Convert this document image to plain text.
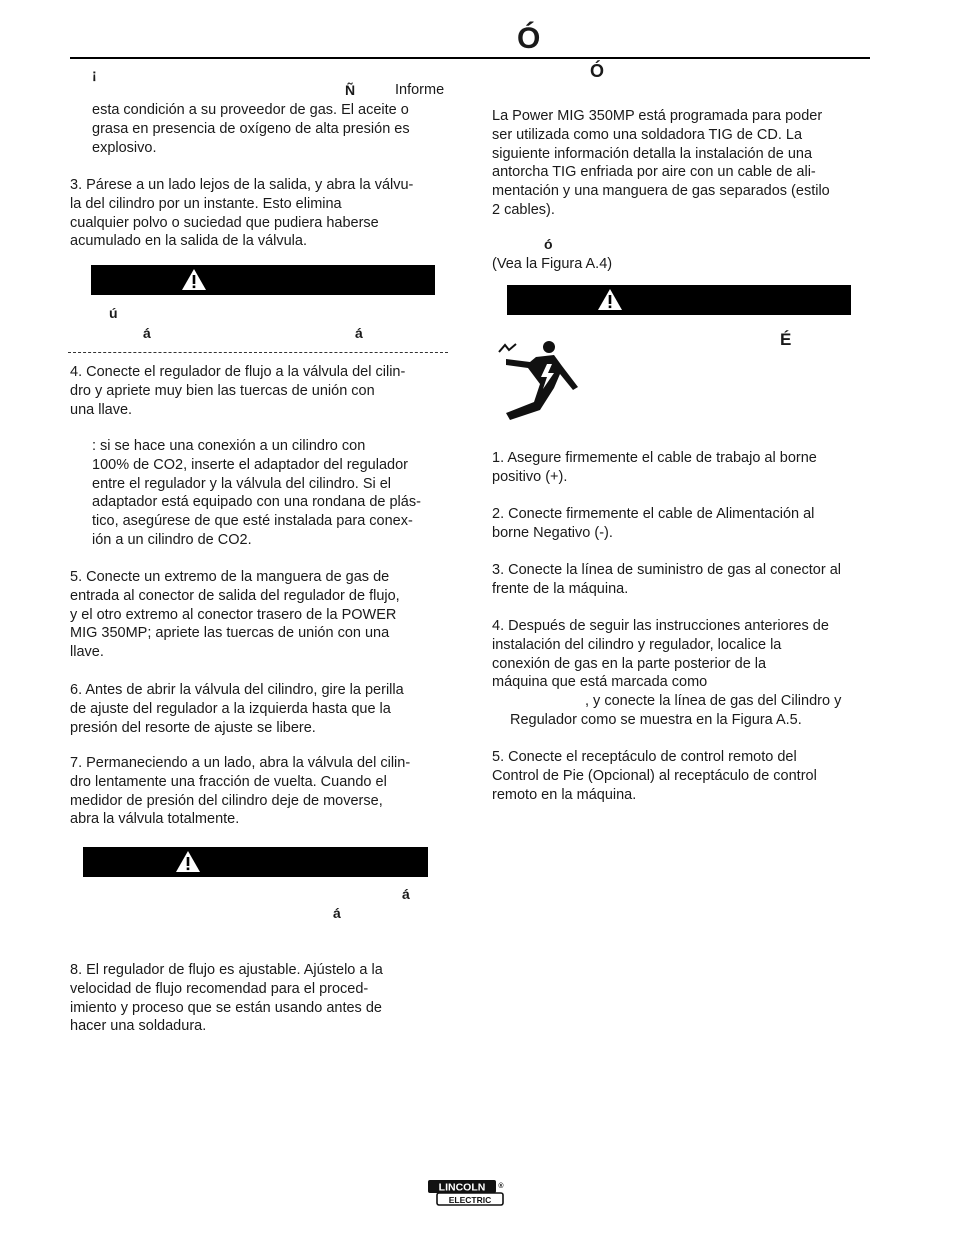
Ó
¡
Ñ	Informe
esta condición a su proveedor de gas. El aceite o
grasa en presencia de oxígeno de alta presión es
explosivo.
3. Párese a un lado lejos de la salida, y abra la válvu-
la del cilindro por un instante. Esto elimina
cualquier polvo o suciedad que pudiera haberse
acumulado en la salida de la válvula.
ú
á	á
4. Conecte el regulador de flujo a la válvula del cilin-
dro y apriete muy bien las tuercas de unión con
una llave.
: si se hace una conexión a un cilindro con
100% de CO2, inserte el adaptador del regulador
entre el regulador y la válvula del cilindro. Si el
adaptador está equipado con una rondana de plás-
tico, asegúrese de que esté instalada para conex-
ión a un cilindro de CO2.
5. Conecte un extremo de la manguera de gas de
entrada al conector de salida del regulador de flujo,
y el otro extremo al conector trasero de la POWER
MIG 350MP; apriete las tuercas de unión con una
llave.
6. Antes de abrir la válvula del cilindro, gire la perilla
de ajuste del regulador a la izquierda hasta que la
presión del resorte de ajuste se libere.
7. Permaneciendo a un lado, abra la válvula del cilin-
dro lentamente una fracción de vuelta. Cuando el
medidor de presión del cilindro deje de moverse,
abra la válvula totalmente.
á
á
8. El regulador de flujo es ajustable. Ajústelo a la
velocidad de flujo recomendad para el proced-
imiento y proceso que se están usando antes de
hacer una soldadura.
Ó
La Power MIG 350MP está programada para poder
ser utilizada como una soldadora TIG de CD. La
siguiente información detalla la instalación de una
antorcha TIG enfriada por aire con un cable de ali-
mentación y una manguera de gas separados (estilo
2 cables).
ó
(Vea la Figura A.4)
É
1. Asegure firmemente el cable de trabajo al borne
positivo (+).
2. Conecte firmemente el cable de Alimentación al
borne Negativo (-).
3. Conecte la línea de suministro de gas al conector al
frente de la máquina.
4. Después de seguir las instrucciones anteriores de
instalación del cilindro y regulador, localice la
conexión de gas en la parte posterior de la
máquina que está marcada como
, y conecte la línea de gas del Cilindro y
Regulador como se muestra en la Figura A.5.
5. Conecte el receptáculo de control remoto del
Control de Pie (Opcional) al receptáculo de control
remoto en la máquina.
LINCOLN
ELECTRIC
®
